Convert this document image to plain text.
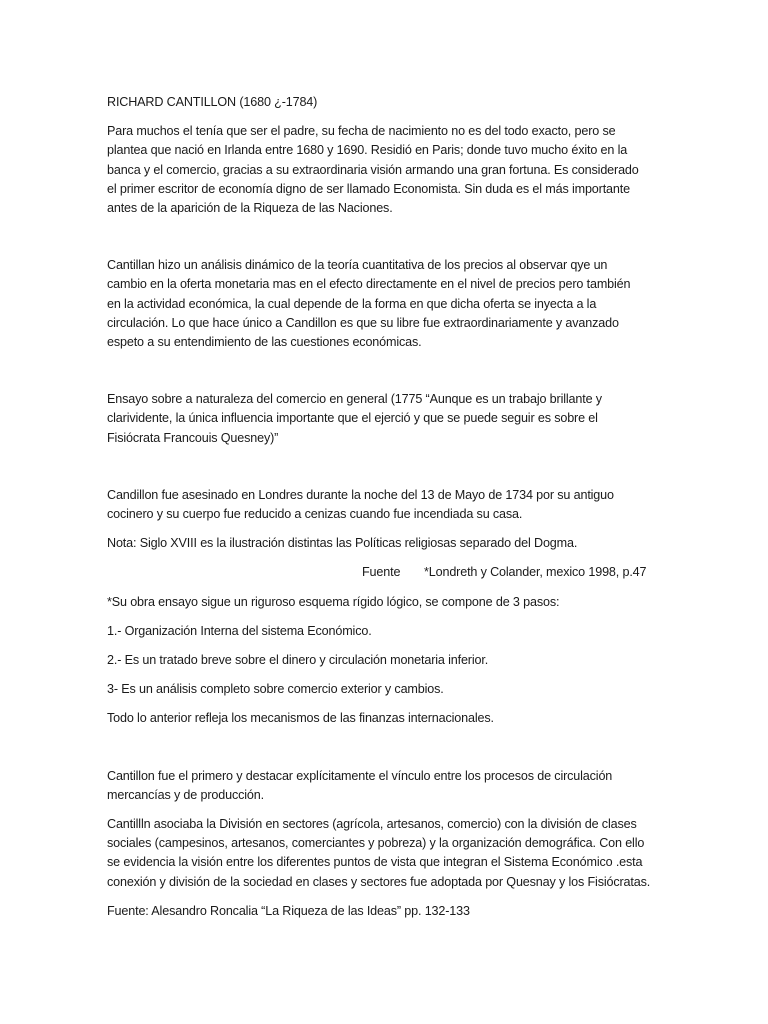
RICHARD CANTILLON (1680 ¿-1784)
Para muchos el tenía que ser el padre, su fecha de nacimiento no es del todo exacto, pero se
plantea que nació en Irlanda entre 1680 y 1690. Residió en Paris; donde tuvo mucho éxito en la
banca y el comercio, gracias a su extraordinaria visión armando una gran fortuna. Es considerado
el primer escritor de economía digno de ser llamado Economista. Sin duda es el más importante
antes de la aparición de la Riqueza de las Naciones.
Cantillan hizo un análisis dinámico de la teoría cuantitativa de los precios al observar qye un
cambio en la oferta monetaria mas en el efecto directamente en el nivel de precios pero también
en la actividad económica, la cual depende de la forma en que dicha oferta se inyecta a la
circulación. Lo que hace único a Candillon es que su libre fue extraordinariamente y avanzado
espeto a su entendimiento de las cuestiones económicas.
Ensayo sobre a naturaleza del comercio en general (1775 “Aunque es un trabajo brillante y
clarividente, la única influencia importante que el ejerció y que se puede seguir es sobre el
Fisiócrata Francouis Quesney)”
Candillon fue asesinado en Londres durante la noche del 13 de Mayo de 1734 por su antiguo
cocinero y su cuerpo fue reducido a cenizas cuando fue incendiada su casa.
Nota: Siglo XVIII es la ilustración distintas las Políticas religiosas separado del Dogma.
Fuente *Londreth y Colander, mexico 1998, p.47
*Su obra ensayo sigue un riguroso esquema rígido lógico, se compone de 3 pasos:
1.- Organización Interna del sistema Económico.
2.- Es un tratado breve sobre el dinero y circulación monetaria inferior.
3- Es un análisis completo sobre comercio exterior y cambios.
Todo lo anterior refleja los mecanismos de las finanzas internacionales.
Cantillon fue el primero y destacar explícitamente el vínculo entre los procesos de circulación
mercancías y de producción.
Cantillln asociaba la División en sectores (agrícola, artesanos, comercio) con la división de clases
sociales (campesinos, artesanos, comerciantes y pobreza) y la organización demográfica. Con ello
se evidencia la visión entre los diferentes puntos de vista que integran el Sistema Económico .esta
conexión y división de la sociedad en clases y sectores fue adoptada por Quesnay y los Fisiócratas.
Fuente: Alesandro Roncalia “La Riqueza de las Ideas” pp. 132-133
